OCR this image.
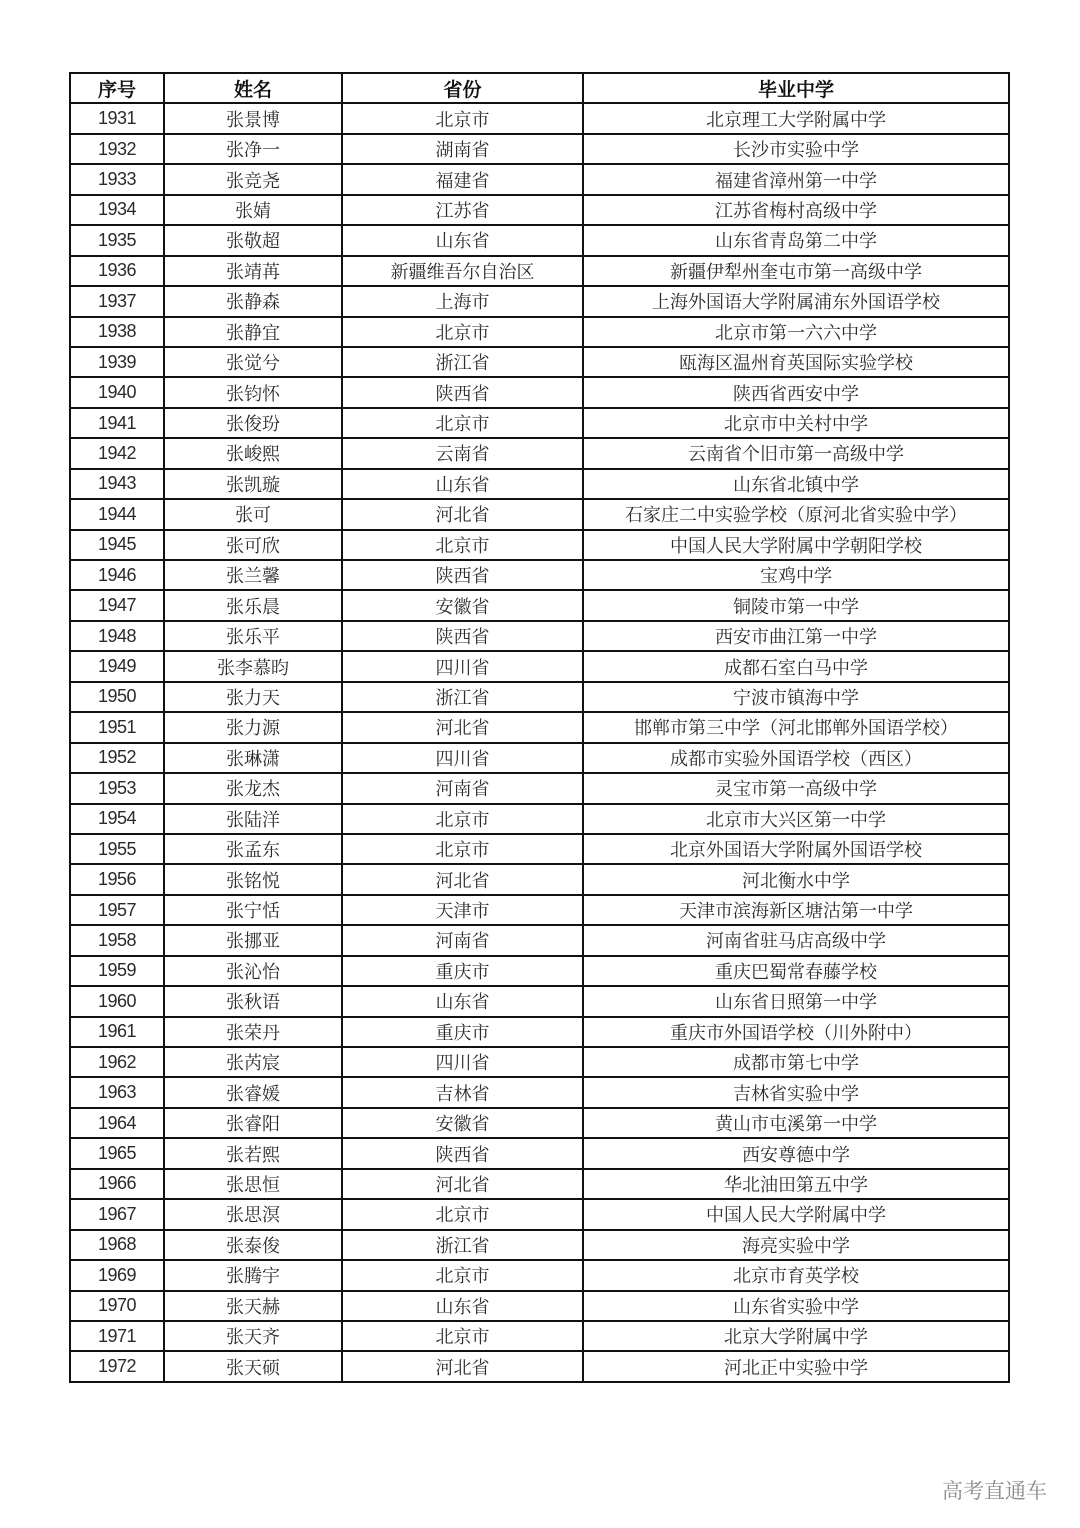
序号	姓名	省份	毕业中学
1931	张景博	北京市	北京理工大学附属中学
1932	张净一	湖南省	长沙市实验中学
1933	张竞尧	福建省	福建省漳州第一中学
1934	张婧	江苏省	江苏省梅村高级中学
1935	张敬超	山东省	山东省青岛第二中学
1936	张靖苒	新疆维吾尔自治区	新疆伊犁州奎屯市第一高级中学
1937	张静森	上海市	上海外国语大学附属浦东外国语学校
1938	张静宜	北京市	北京市第一六六中学
1939	张觉兮	浙江省	瓯海区温州育英国际实验学校
1940	张钧怀	陕西省	陕西省西安中学
1941	张俊玢	北京市	北京市中关村中学
1942	张峻熙	云南省	云南省个旧市第一高级中学
1943	张凯璇	山东省	山东省北镇中学
1944	张可	河北省	石家庄二中实验学校（原河北省实验中学）
1945	张可欣	北京市	中国人民大学附属中学朝阳学校
1946	张兰馨	陕西省	宝鸡中学
1947	张乐晨	安徽省	铜陵市第一中学
1948	张乐平	陕西省	西安市曲江第一中学
1949	张李慕昀	四川省	成都石室白马中学
1950	张力天	浙江省	宁波市镇海中学
1951	张力源	河北省	邯郸市第三中学（河北邯郸外国语学校）
1952	张琳潇	四川省	成都市实验外国语学校（西区）
1953	张龙杰	河南省	灵宝市第一高级中学
1954	张陆洋	北京市	北京市大兴区第一中学
1955	张孟东	北京市	北京外国语大学附属外国语学校
1956	张铭悦	河北省	河北衡水中学
1957	张宁恬	天津市	天津市滨海新区塘沽第一中学
1958	张挪亚	河南省	河南省驻马店高级中学
1959	张沁怡	重庆市	重庆巴蜀常春藤学校
1960	张秋语	山东省	山东省日照第一中学
1961	张荣丹	重庆市	重庆市外国语学校（川外附中）
1962	张芮宸	四川省	成都市第七中学
1963	张睿媛	吉林省	吉林省实验中学
1964	张睿阳	安徽省	黄山市屯溪第一中学
1965	张若熙	陕西省	西安尊德中学
1966	张思恒	河北省	华北油田第五中学
1967	张思溟	北京市	中国人民大学附属中学
1968	张泰俊	浙江省	海亮实验中学
1969	张腾宇	北京市	北京市育英学校
1970	张天赫	山东省	山东省实验中学
1971	张天齐	北京市	北京大学附属中学
1972	张天硕	河北省	河北正中实验中学
高考直通车
